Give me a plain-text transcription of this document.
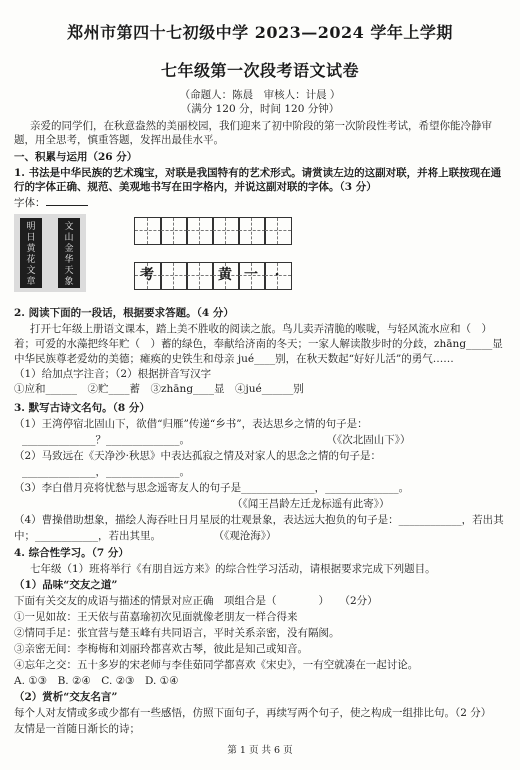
郑州市第四十七初级中学 2023—2024 学年上学期
七年级第一次段考语文试卷
（命题人：陈晨　审核人：计晨 ）
（满分 120 分，时间 120 分钟）
亲爱的同学们，在秋意盎然的美丽校园，我们迎来了初中阶段的第一次阶段性考试，希望你能冷静审
题，用全思考，慎重答题，发挥出最佳水平。
一、积累与运用（26 分）
1. 书法是中华民族的艺术瑰宝，对联是我国特有的艺术形式。请赏读左边的这副对联，并将上联按现在通
行的字体正确、规范、美观地书写在田字格内，并说这副对联的字体。（3 分）
字体：
明
日
黄
花
文
章
文
山
金
华
天
象	考	黄 一	·
2. 阅读下面的一段话，根据要求答题。（4 分）
打开七年级上册语文课本，踏上美不胜收的阅读之旅。鸟儿卖弄清脆的喉咙，与轻风流水应和（　）
着；可爱的水藻把终年贮（　）蓄的绿色，奉献给济南的冬天；一家人解读散步时的分歧，zhāng_____显
中华民族尊老爱幼的美德；瘫痪的史铁生和母亲 jué____别，在秋天数起“好好儿活”的勇气……
（1）给加点字注音；（2）根据拼音写汉字
①应和______　②贮____蓄　③zhāng____显　④jué______别
3. 默写古诗文名句。（8 分）
（1）王湾停宿北固山下，欲借“归雁”传递“乡书”，表达思乡之情的句子是：
______________？______________。　　　　　　　　　　　　　　（《次北固山下》）
（2）马致远在《天净沙·秋思》中表达孤寂之情及对家人的思念之情的句子是：
______________，______________。
（3）李白借月亮将忧愁与思念遥寄友人的句子是______________，______________。
（《闻王昌龄左迁龙标遥有此寄》）
（4）曹操借助想象，描绘人海吞吐日月星辰的壮观景象，表达远大抱负的句子是：____________，若出其
中；____________，若出其里。　　　　　　（《观沧海》）
4. 综合性学习。（7 分）
七年级（1）班将举行《有朋自远方来》的综合性学习活动，请根据要求完成下列题目。
（1）品味“交友之道”
下面有关交友的成语与描述的情景对应正确　项组合是（　　　　）　　（2分）
①一见如故：王天依与苗嘉瑜初次见面就像老朋友一样合得来
②情同手足：张宜营与楚玉峰有共同语言，平时关系亲密，没有隔阂。
③亲密无间：李梅梅和刘丽玲都喜欢古琴，彼此是知己或知音。
④忘年之交：五十多岁的宋老师与李佳茹同学都喜欢《宋史》，一有空就凑在一起讨论。
A. ①③　B. ②④　C. ②③　D. ①④
（2）赏析“交友名言”
每个人对友情或多或少都有一些感悟，仿照下面句子，再续写两个句子，使之构成一组排比句。（2 分）
友情是一首随日渐长的诗；
第 1 页 共 6 页
